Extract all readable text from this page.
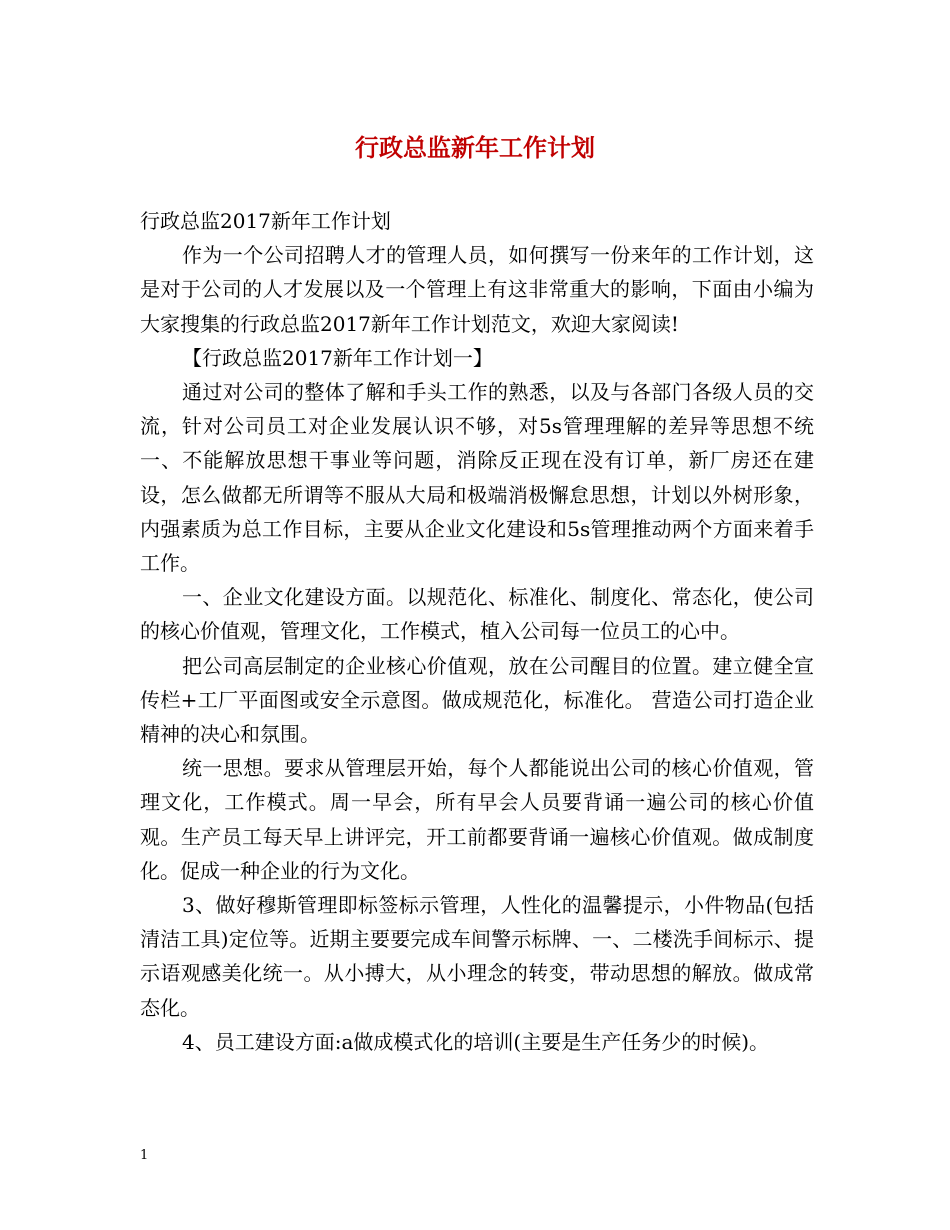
行政总监新年工作计划

行政总监2017新年工作计划

作为一个公司招聘人才的管理人员，如何撰写一份来年的工作计划，这是对于公司的人才发展以及一个管理上有这非常重大的影响，下面由小编为大家搜集的行政总监2017新年工作计划范文，欢迎大家阅读!

【行政总监2017新年工作计划一】

通过对公司的整体了解和手头工作的熟悉，以及与各部门各级人员的交流，针对公司员工对企业发展认识不够，对5s管理理解的差异等思想不统一、不能解放思想干事业等问题，消除反正现在没有订单，新厂房还在建设，怎么做都无所谓等不服从大局和极端消极懈怠思想，计划以外树形象，内强素质为总工作目标，主要从企业文化建设和5s管理推动两个方面来着手工作。

一、企业文化建设方面。以规范化、标准化、制度化、常态化，使公司的核心价值观，管理文化，工作模式，植入公司每一位员工的心中。

把公司高层制定的企业核心价值观，放在公司醒目的位置。建立健全宣传栏+工厂平面图或安全示意图。做成规范化，标准化。 营造公司打造企业精神的决心和氛围。

统一思想。要求从管理层开始，每个人都能说出公司的核心价值观，管理文化，工作模式。周一早会，所有早会人员要背诵一遍公司的核心价值观。生产员工每天早上讲评完，开工前都要背诵一遍核心价值观。做成制度化。促成一种企业的行为文化。

3、做好穆斯管理即标签标示管理，人性化的温馨提示，小件物品(包括清洁工具)定位等。近期主要要完成车间警示标牌、一、二楼洗手间标示、提示语观感美化统一。从小搏大，从小理念的转变，带动思想的解放。做成常态化。

4、员工建设方面:a做成模式化的培训(主要是生产任务少的时候)。

1
